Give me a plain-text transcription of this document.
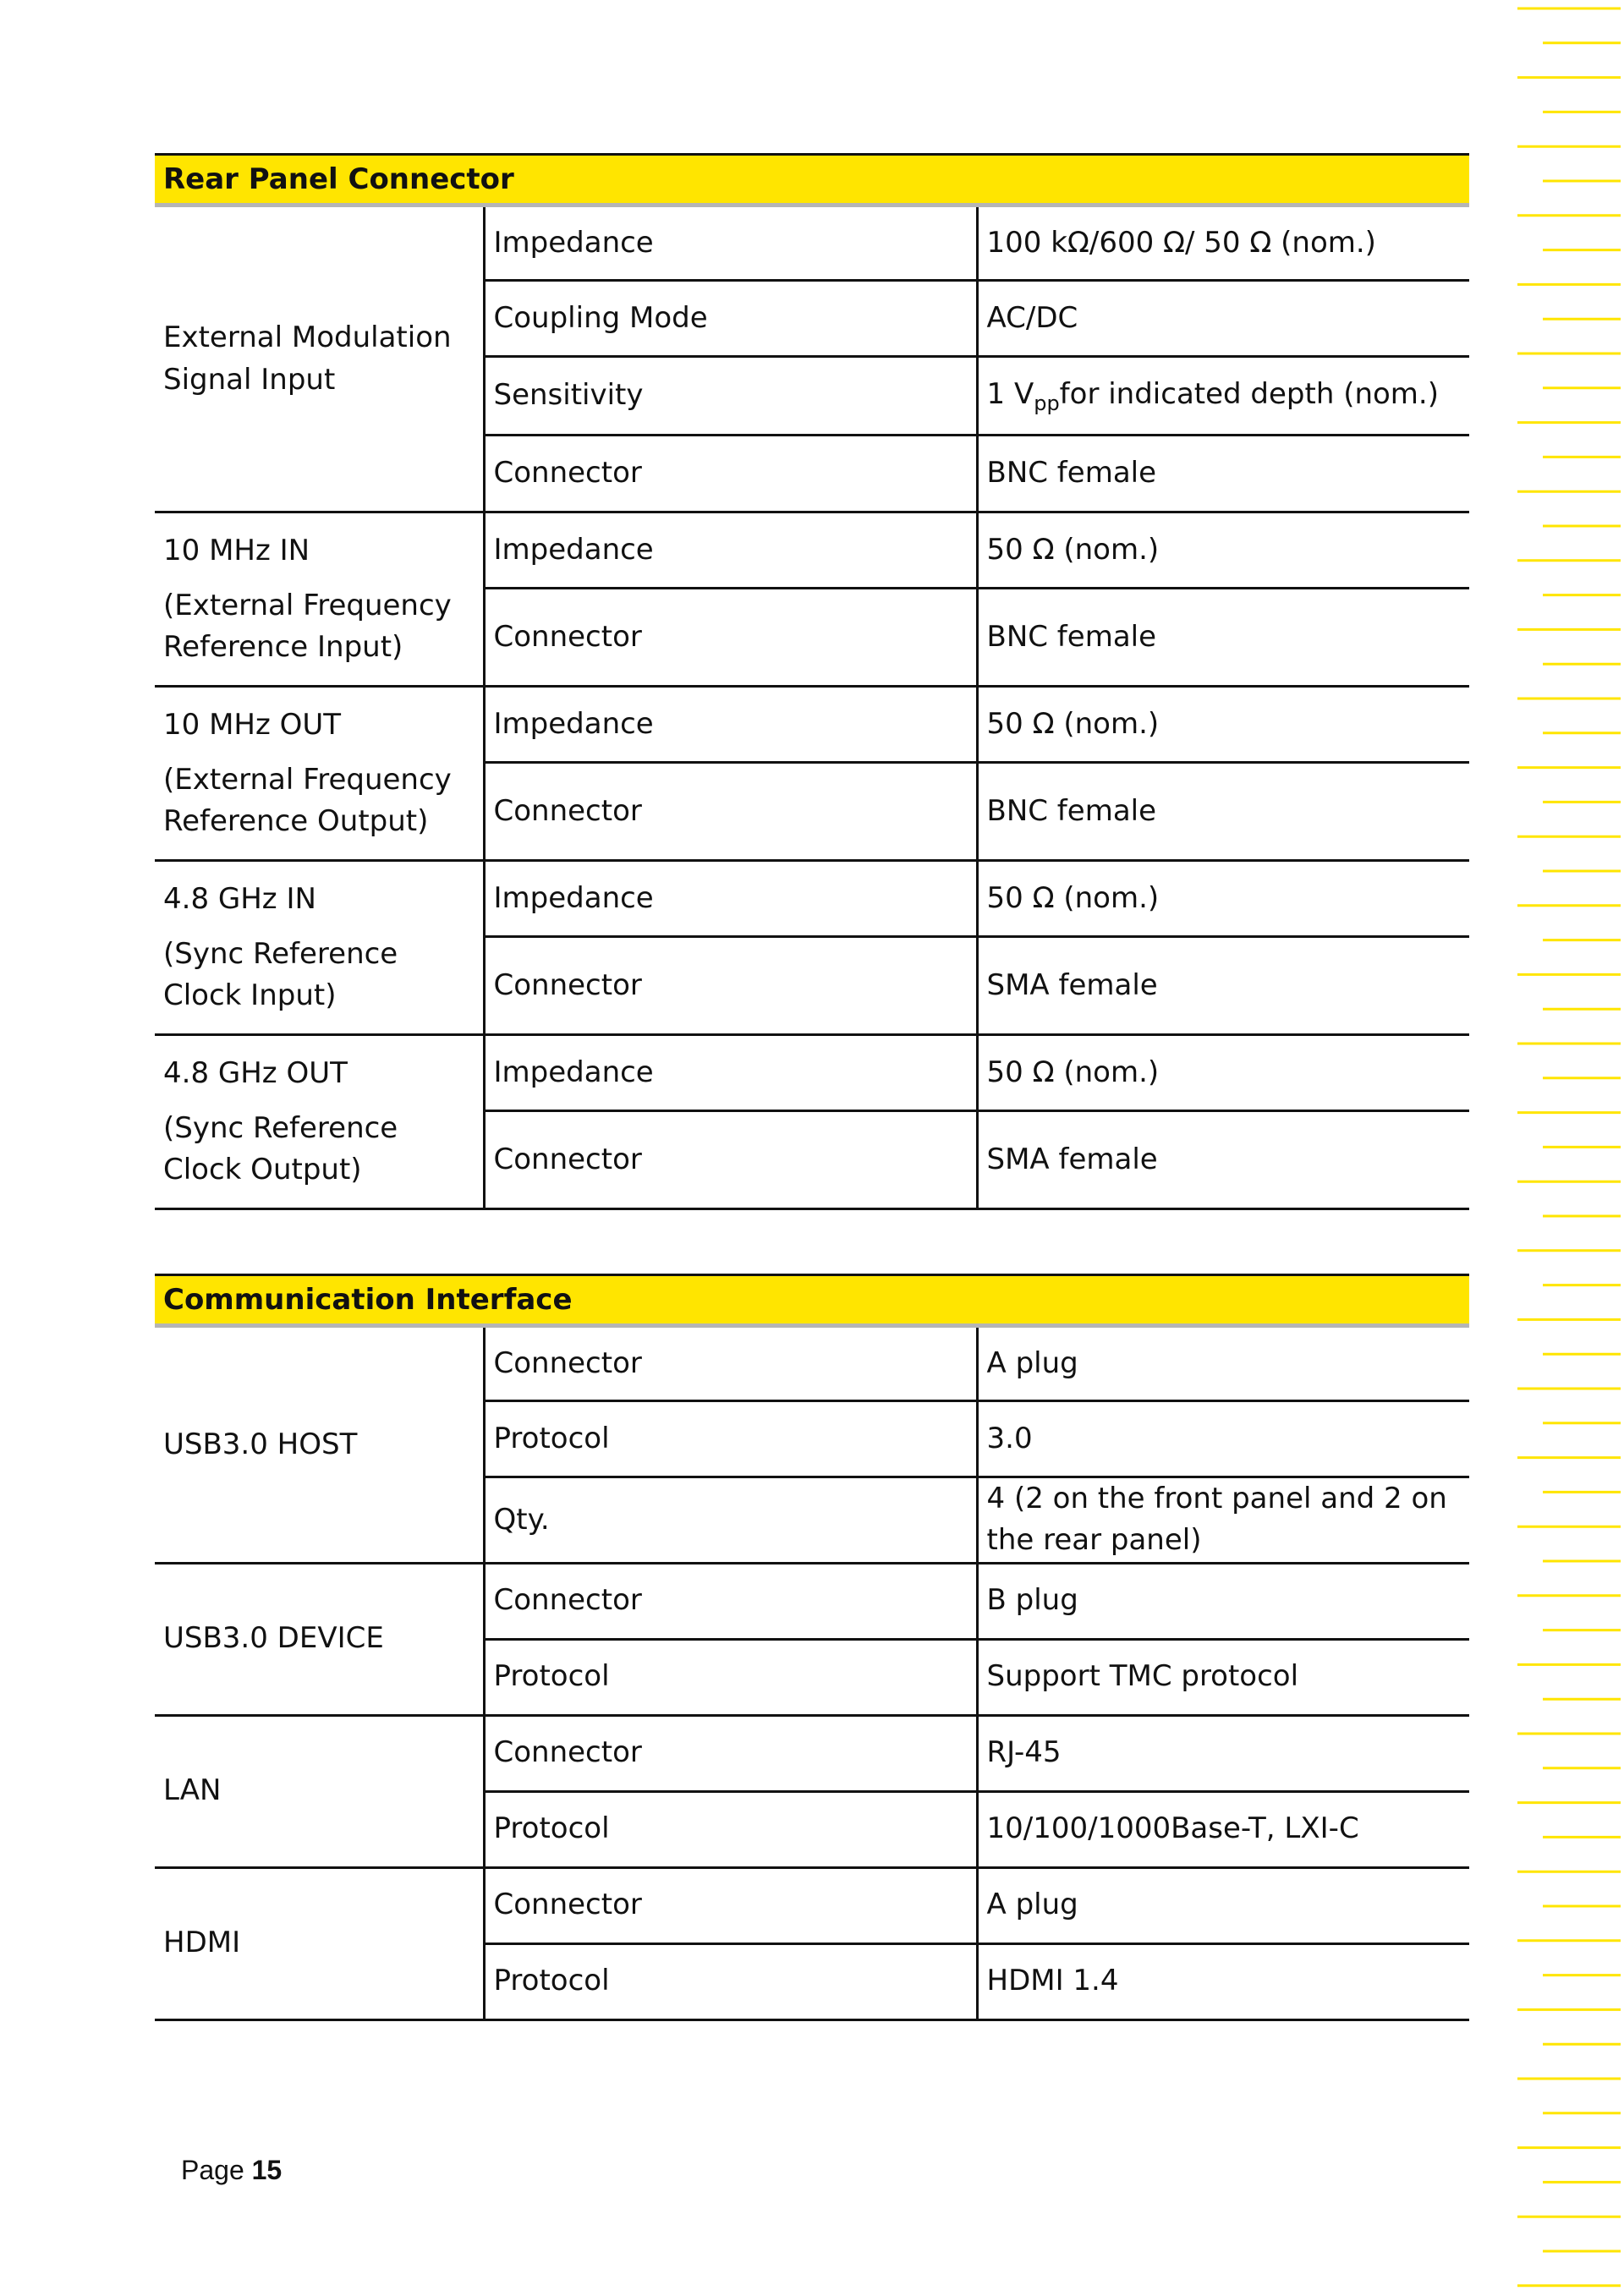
Rear Panel Connector		

External Modulation Signal Input	Impedance	100 kΩ/600 Ω/ 50 Ω (nom.)
	Coupling Mode	AC/DC
	Sensitivity	1 $V_{pp}for$ indicated depth (nom.)
	Connector	BNC female

10 MHz IN
(External Frequency Reference Input)	Impedance	50 Ω (nom.)
	Connector	BNC female

10 MHz OUT
(External Frequency Reference Output)	Impedance	50 Ω (nom.)
	Connector	BNC female

4.8 GHz IN
(Sync Reference Clock Input)	Impedance	50 Ω (nom.)
	Connector	SMA female

4.8 GHz OUT
(Sync Reference Clock Output)	Impedance	50 Ω (nom.)
	Connector	SMA female
Communication Interface		

USB3.0 HOST	Connector	A plug
	Protocol	3.0
	Qty.	4 (2 on the front panel and 2 on the rear panel)

USB3.0 DEVICE	Connector	B plug
	Protocol	Support TMC protocol

LAN	Connector	RJ-45
	Protocol	10/100/1000Base-T, LXI-C

HDMI	Connector	A plug
	Protocol	HDMI 1.4
Page 15
